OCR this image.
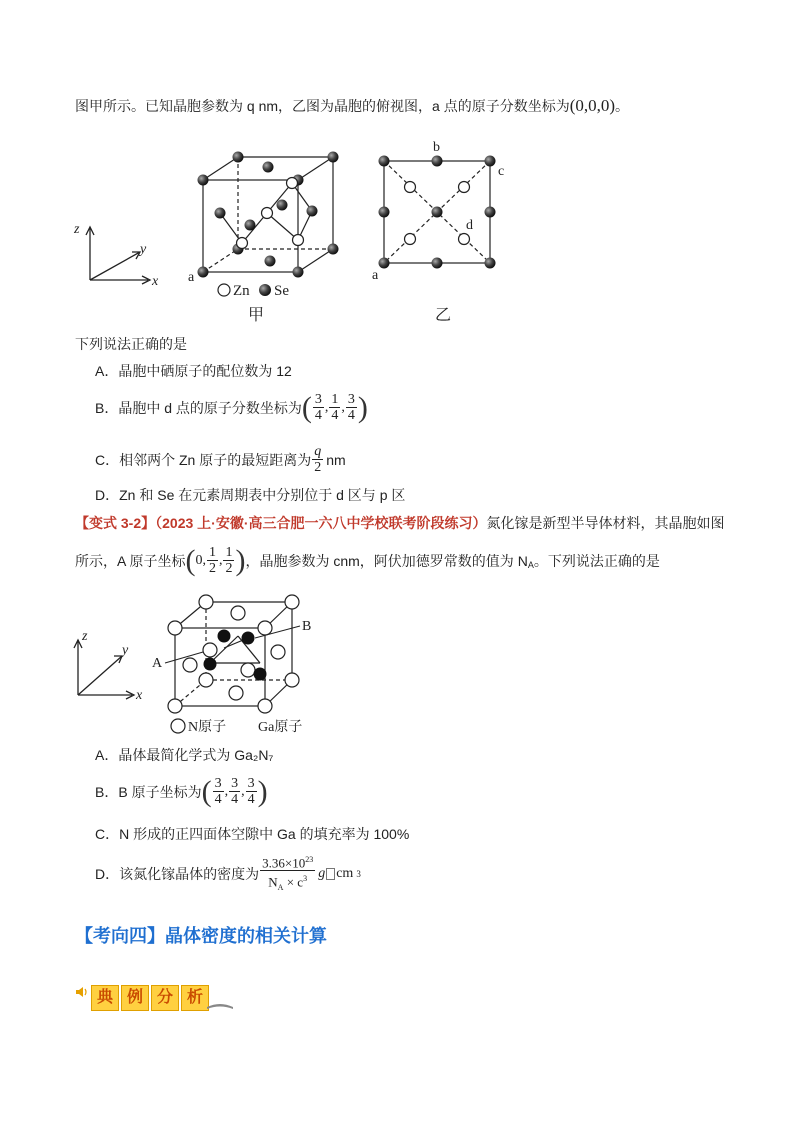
图甲所示。已知晶胞参数为 q nm，乙图为晶胞的俯视图，a 点的原子分数坐标为(0,0,0)。
a
z
y
x
Zn Se
甲
b
c
d
a
乙
下列说法正确的是
A．晶胞中硒原子的配位数为 12
B．晶胞中 d 点的原子分数坐标为 ( $\frac{3}{4}$ , $\frac{1}{4}$ , $\frac{3}{4}$ )
C．相邻两个 Zn 原子的最短距离为 $\frac{q}{2}$ nm
D．Zn 和 Se 在元素周期表中分别位于 d 区与 p 区
【变式 3-2】（2023 上·安徽·高三合肥一六八中学校联考阶段练习）氮化镓是新型半导体材料，其晶胞如图
所示，A 原子坐标 ( 0 , $\frac{1}{2}$ , $\frac{1}{2}$ ) ，晶胞参数为 cnm，阿伏加德罗常数的值为 N A 。下列说法正确的是
z
y
x
A
B
N原子 Ga原子
A．晶体最简化学式为 Ga₂N₇
B．B 原子坐标为 ( $\frac{3}{4}$ , $\frac{3}{4}$ , $\frac{3}{4}$ )
C．N 形成的正四面体空隙中 Ga 的填充率为 100%
D．该氮化镓晶体的密度为 $\frac{3.36\times 10^{23}}{N_A \times c^3}$ g cm 3
【考向四】晶体密度的相关计算
典 例 分 析
